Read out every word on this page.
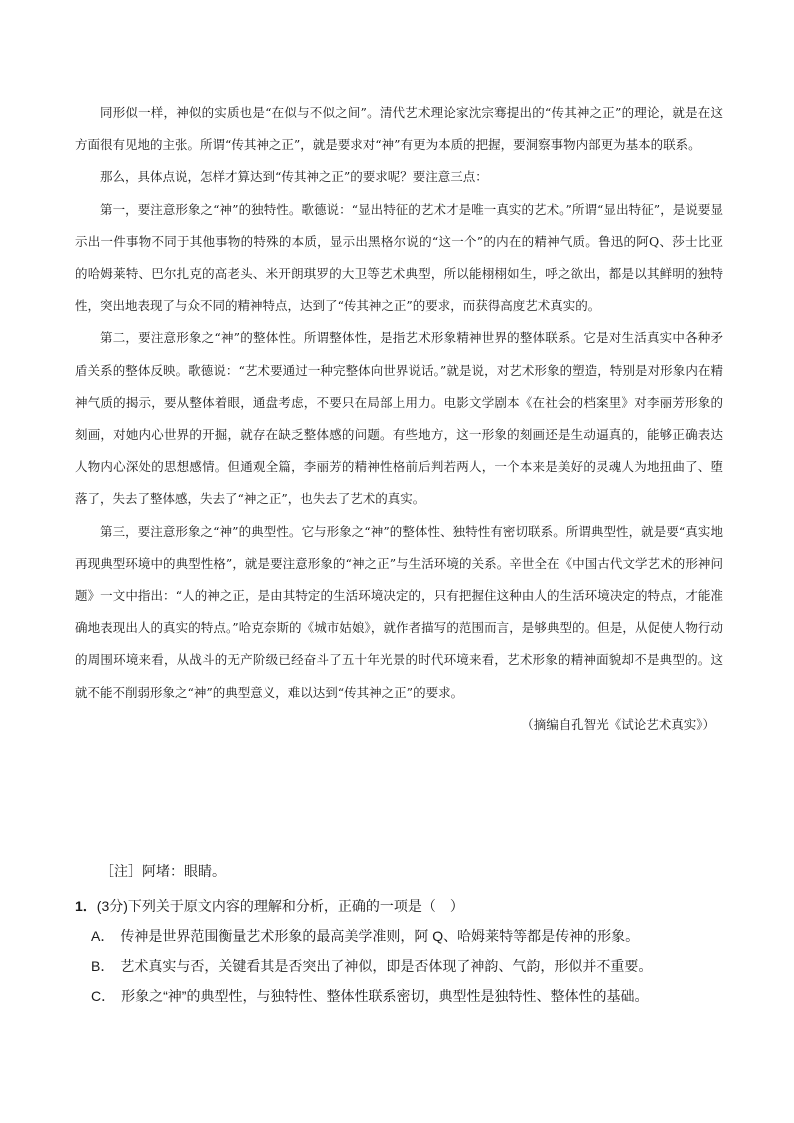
同形似一样，神似的实质也是“在似与不似之间”。清代艺术理论家沈宗骞提出的“传其神之正”的理论，就是在这方面很有见地的主张。所谓“传其神之正”，就是要求对“神”有更为本质的把握，要洞察事物内部更为基本的联系。

那么，具体点说，怎样才算达到“传其神之正”的要求呢？要注意三点：

第一，要注意形象之“神”的独特性。歌德说：“显出特征的艺术才是唯一真实的艺术。”所谓“显出特征”，是说要显示出一件事物不同于其他事物的特殊的本质，显示出黑格尔说的“这一个”的内在的精神气质。鲁迅的阿Q、莎士比亚的哈姆莱特、巴尔扎克的高老头、米开朗琪罗的大卫等艺术典型，所以能栩栩如生，呼之欲出，都是以其鲜明的独特性，突出地表现了与众不同的精神特点，达到了“传其神之正”的要求，而获得高度艺术真实的。

第二，要注意形象之“神”的整体性。所谓整体性，是指艺术形象精神世界的整体联系。它是对生活真实中各种矛盾关系的整体反映。歌德说：“艺术要通过一种完整体向世界说话。”就是说，对艺术形象的塑造，特别是对形象内在精神气质的揭示，要从整体着眼，通盘考虑，不要只在局部上用力。电影文学剧本《在社会的档案里》对李丽芳形象的刻画，对她内心世界的开掘，就存在缺乏整体感的问题。有些地方，这一形象的刻画还是生动逼真的，能够正确表达人物内心深处的思想感情。但通观全篇，李丽芳的精神性格前后判若两人，一个本来是美好的灵魂人为地扭曲了、堕落了，失去了整体感，失去了“神之正”，也失去了艺术的真实。

第三，要注意形象之“神”的典型性。它与形象之“神”的整体性、独特性有密切联系。所谓典型性，就是要“真实地再现典型环境中的典型性格”，就是要注意形象的“神之正”与生活环境的关系。辛世全在《中国古代文学艺术的形神问题》一文中指出：“人的神之正，是由其特定的生活环境决定的，只有把握住这种由人的生活环境决定的特点，才能准确地表现出人的真实的特点。”哈克奈斯的《城市姑娘》，就作者描写的范围而言，是够典型的。但是，从促使人物行动的周围环境来看，从战斗的无产阶级已经奋斗了五十年光景的时代环境来看，艺术形象的精神面貌却不是典型的。这就不能不削弱形象之“神”的典型意义，难以达到“传其神之正”的要求。

（摘编自孔智光《试论艺术真实》）

［注］阿堵：眼睛。

1．(3分)下列关于原文内容的理解和分析，正确的一项是（　）

A． 传神是世界范围衡量艺术形象的最高美学准则，阿 Q、哈姆莱特等都是传神的形象。

B． 艺术真实与否，关键看其是否突出了神似，即是否体现了神韵、气韵，形似并不重要。

C． 形象之“神”的典型性，与独特性、整体性联系密切，典型性是独特性、整体性的基础。
